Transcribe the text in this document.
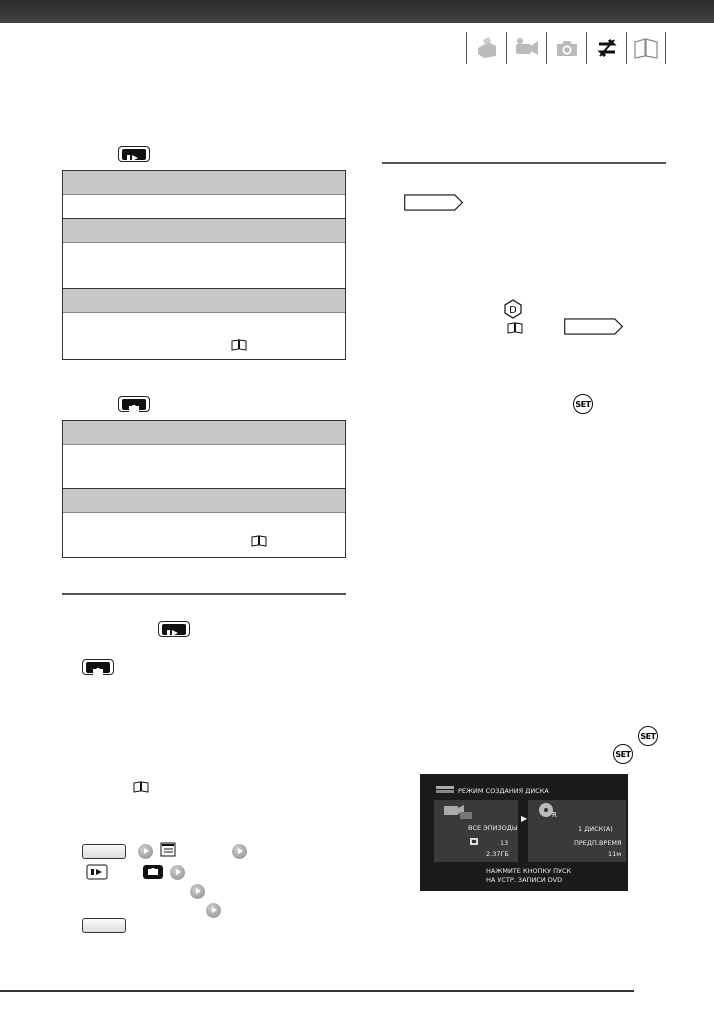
D
SET
SET
SET
РЕЖИМ СОЗДАНИЯ ДИСКА
ВСЕ ЭПИЗОДЫ
13
2.37ГБ
▶	R
1 ДИСК(А)
ПРЕДП.ВРЕМЯ
11м
НАЖМИТЕ КНОПКУ ПУСК
НА УСТР. ЗАПИСИ DVD
